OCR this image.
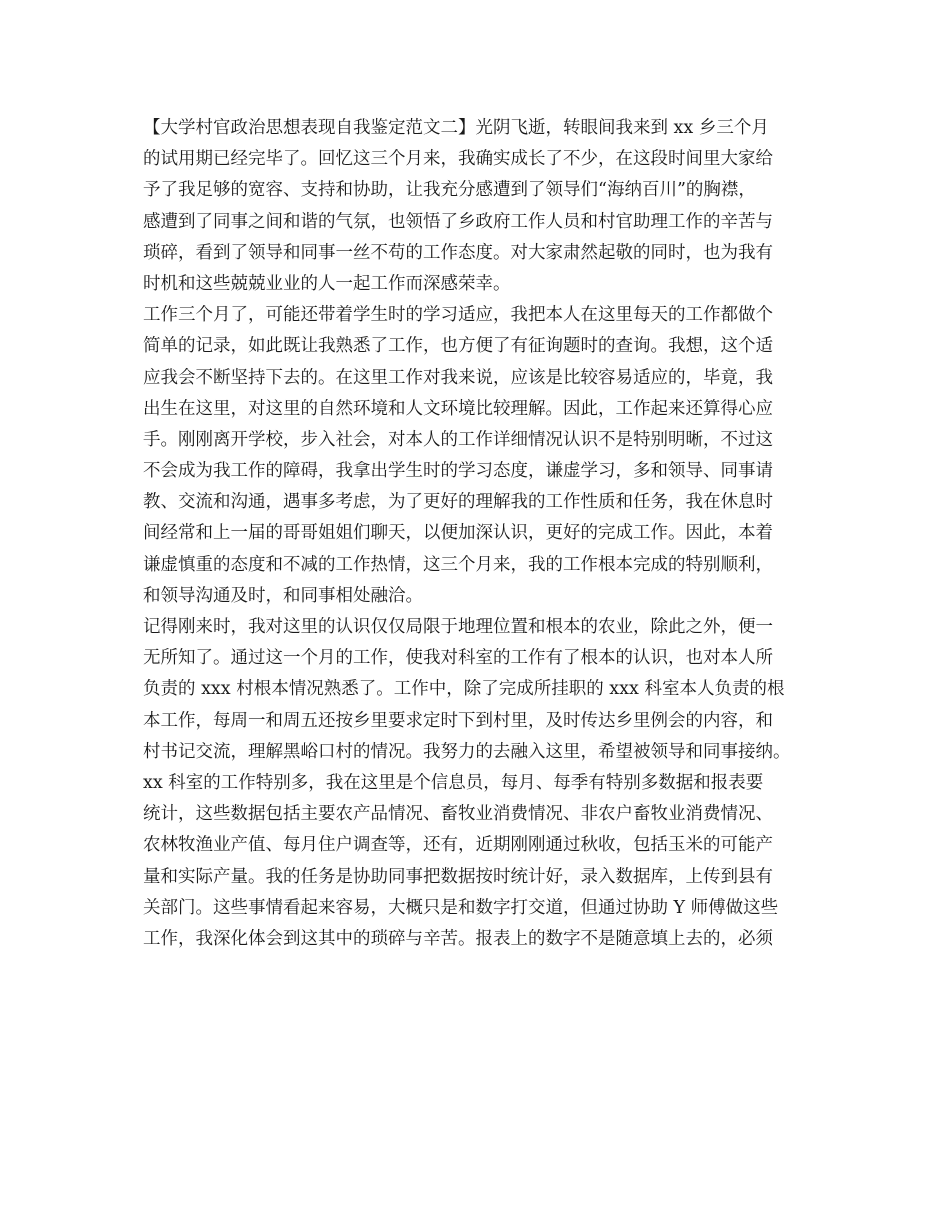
【大学村官政治思想表现自我鉴定范文二】光阴飞逝，转眼间我来到 xx 乡三个月
的试用期已经完毕了。回忆这三个月来，我确实成长了不少，在这段时间里大家给
予了我足够的宽容、支持和协助，让我充分感遭到了领导们“海纳百川”的胸襟，
感遭到了同事之间和谐的气氛，也领悟了乡政府工作人员和村官助理工作的辛苦与
琐碎，看到了领导和同事一丝不苟的工作态度。对大家肃然起敬的同时，也为我有
时机和这些兢兢业业的人一起工作而深感荣幸。
工作三个月了，可能还带着学生时的学习适应，我把本人在这里每天的工作都做个
简单的记录，如此既让我熟悉了工作，也方便了有征询题时的查询。我想，这个适
应我会不断坚持下去的。在这里工作对我来说，应该是比较容易适应的，毕竟，我
出生在这里，对这里的自然环境和人文环境比较理解。因此，工作起来还算得心应
手。刚刚离开学校，步入社会，对本人的工作详细情况认识不是特别明晰，不过这
不会成为我工作的障碍，我拿出学生时的学习态度，谦虚学习，多和领导、同事请
教、交流和沟通，遇事多考虑，为了更好的理解我的工作性质和任务，我在休息时
间经常和上一届的哥哥姐姐们聊天，以便加深认识，更好的完成工作。因此，本着
谦虚慎重的态度和不减的工作热情，这三个月来，我的工作根本完成的特别顺利，
和领导沟通及时，和同事相处融洽。
记得刚来时，我对这里的认识仅仅局限于地理位置和根本的农业，除此之外，便一
无所知了。通过这一个月的工作，使我对科室的工作有了根本的认识，也对本人所
负责的 xxx 村根本情况熟悉了。工作中，除了完成所挂职的 xxx 科室本人负责的根
本工作，每周一和周五还按乡里要求定时下到村里，及时传达乡里例会的内容，和
村书记交流，理解黑峪口村的情况。我努力的去融入这里，希望被领导和同事接纳。
xx 科室的工作特别多，我在这里是个信息员，每月、每季有特别多数据和报表要
统计，这些数据包括主要农产品情况、畜牧业消费情况、非农户畜牧业消费情况、
农林牧渔业产值、每月住户调查等，还有，近期刚刚通过秋收，包括玉米的可能产
量和实际产量。我的任务是协助同事把数据按时统计好，录入数据库，上传到县有
关部门。这些事情看起来容易，大概只是和数字打交道，但通过协助 Y 师傅做这些
工作，我深化体会到这其中的琐碎与辛苦。报表上的数字不是随意填上去的，必须
